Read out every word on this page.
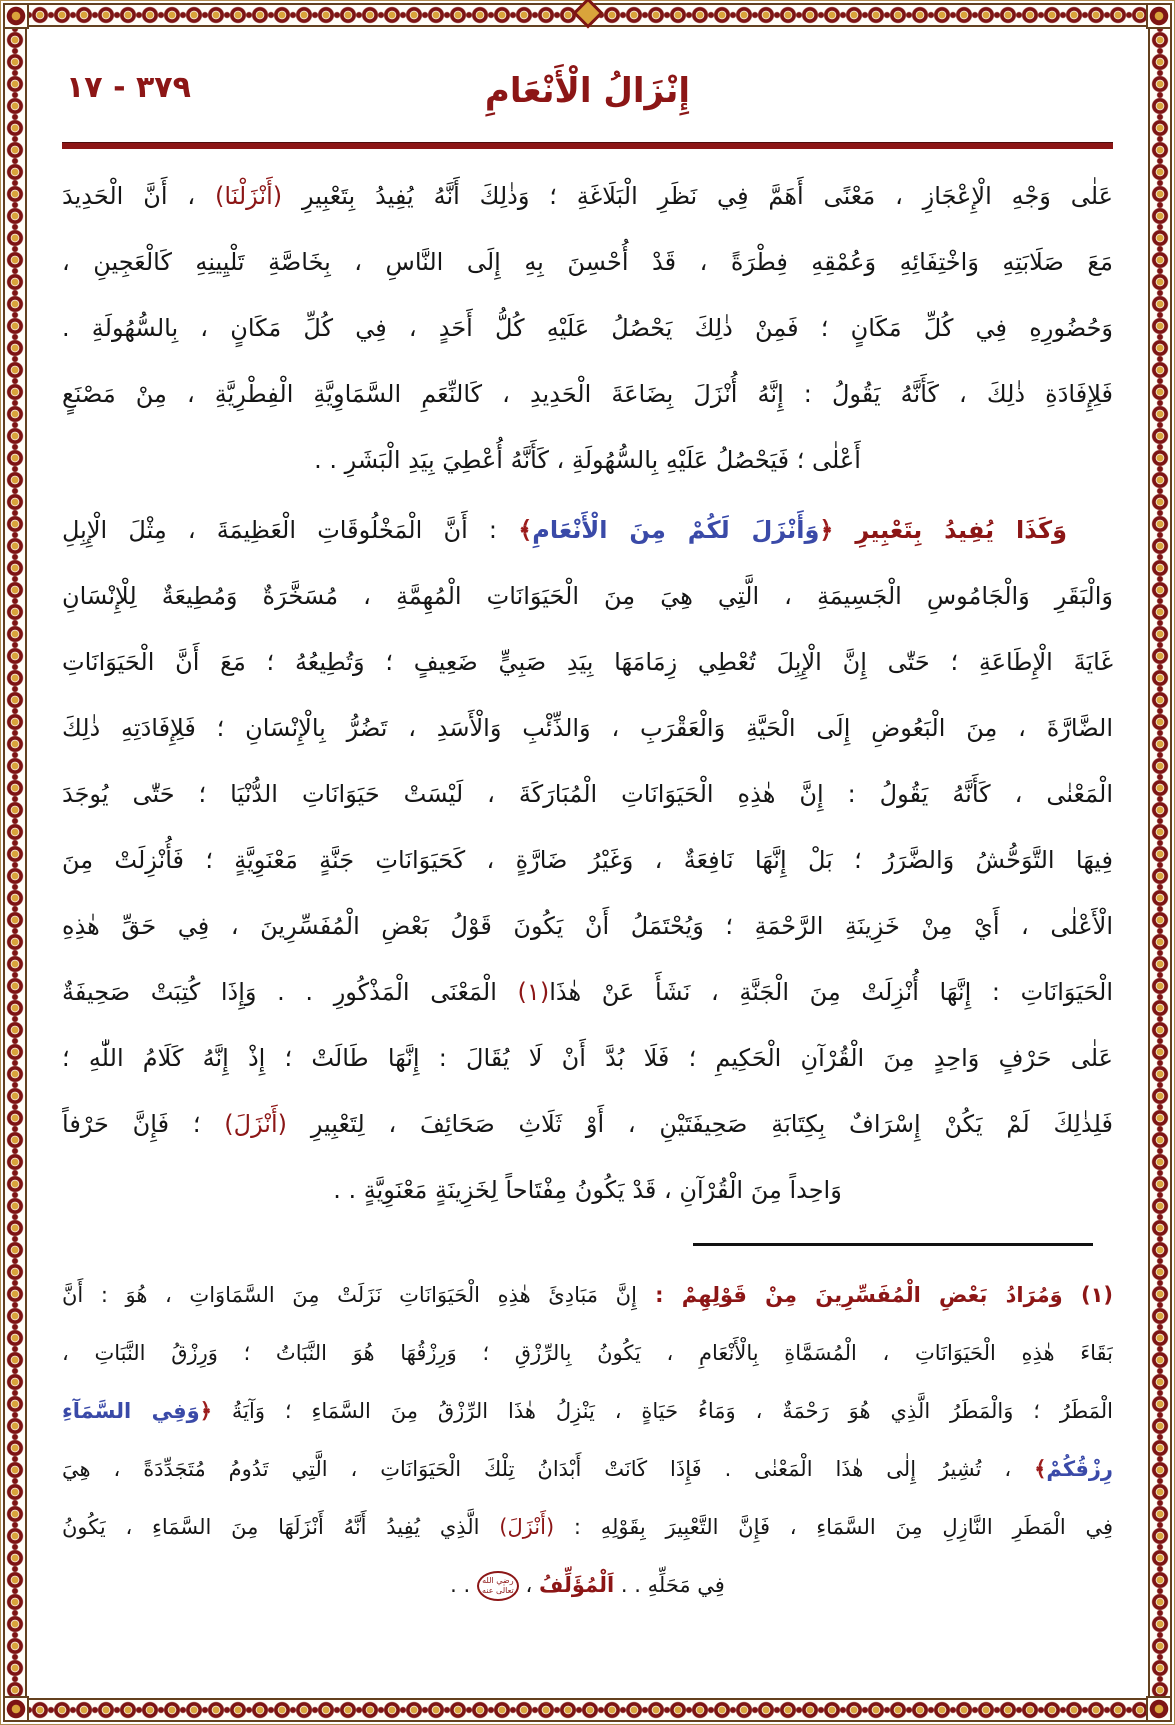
٣٧٩ - ١٧	إِنْزَالُ الْأَنْعَامِ
عَلٰى وَجْهِ الْإِعْجَازِ ، مَعْنًى أَهَمَّ فِي نَظَرِ الْبَلَاغَةِ ؛ وَذٰلِكَ أَنَّهُ يُفِيدُ بِتَعْبِيرِ (أَنْزَلْنَا) ، أَنَّ الْحَدِيدَ
مَعَ صَلَابَتِهِ وَاخْتِفَائِهِ وَعُمْقِهِ فِطْرَةً ، قَدْ أُحْسِنَ بِهِ إِلَى النَّاسِ ، بِخَاصَّةِ تَلْيِينِهِ كَالْعَجِينِ ،
وَحُضُورِهِ فِي كُلِّ مَكَانٍ ؛ فَمِنْ ذٰلِكَ يَحْصُلُ عَلَيْهِ كُلُّ أَحَدٍ ، فِي كُلِّ مَكَانٍ ، بِالسُّهُولَةِ .
فَلِإِفَادَةِ ذٰلِكَ ، كَأَنَّهُ يَقُولُ : إِنَّهُ أُنْزَلَ بِضَاعَةَ الْحَدِيدِ ، كَالنِّعَمِ السَّمَاوِيَّةِ الْفِطْرِيَّةِ ، مِنْ مَصْنَعٍ
أَعْلٰى ؛ فَيَحْصُلُ عَلَيْهِ بِالسُّهُولَةِ ، كَأَنَّهُ أُعْطِيَ بِيَدِ الْبَشَرِ . .
وَكَذَا يُفِيدُ بِتَعْبِيرِ ﴿وَأَنْزَلَ لَكُمْ مِنَ الْأَنْعَامِ﴾ : أَنَّ الْمَخْلُوقَاتِ الْعَظِيمَةَ ، مِثْلَ الْإِبِلِ
وَالْبَقَرِ وَالْجَامُوسِ الْجَسِيمَةِ ، الَّتِي هِيَ مِنَ الْحَيَوَانَاتِ الْمُهِمَّةِ ، مُسَخَّرَةٌ وَمُطِيعَةٌ لِلْإِنْسَانِ
غَايَةَ الْإِطَاعَةِ ؛ حَتّٰى إِنَّ الْإِبِلَ تُعْطِي زِمَامَهَا بِيَدِ صَبِيٍّ ضَعِيفٍ ؛ وَتُطِيعُهُ ؛ مَعَ أَنَّ الْحَيَوَانَاتِ
الضَّارَّةَ ، مِنَ الْبَعُوضِ إِلَى الْحَيَّةِ وَالْعَقْرَبِ ، وَالذِّئْبِ وَالْأَسَدِ ، تَضُرُّ بِالْإِنْسَانِ ؛ فَلِإِفَادَتِهِ ذٰلِكَ
الْمَعْنٰى ، كَأَنَّهُ يَقُولُ : إِنَّ هٰذِهِ الْحَيَوَانَاتِ الْمُبَارَكَةَ ، لَيْسَتْ حَيَوَانَاتِ الدُّنْيَا ؛ حَتّٰى يُوجَدَ
فِيهَا التَّوَحُّشُ وَالضَّرَرُ ؛ بَلْ إِنَّهَا نَافِعَةٌ ، وَغَيْرُ ضَارَّةٍ ، كَحَيَوَانَاتِ جَنَّةٍ مَعْنَوِيَّةٍ ؛ فَأُنْزِلَتْ مِنَ
الْأَعْلٰى ، أَيْ مِنْ خَزِينَةِ الرَّحْمَةِ ؛ وَيُحْتَمَلُ أَنْ يَكُونَ قَوْلُ بَعْضِ الْمُفَسِّرِينَ ، فِي حَقِّ هٰذِهِ
الْحَيَوَانَاتِ : إِنَّهَا أُنْزِلَتْ مِنَ الْجَنَّةِ ، نَشَأَ عَنْ هٰذَا(١) الْمَعْنَى الْمَذْكُورِ . . وَإِذَا كُتِبَتْ صَحِيفَةٌ
عَلٰى حَرْفٍ وَاحِدٍ مِنَ الْقُرْآنِ الْحَكِيمِ ؛ فَلَا بُدَّ أَنْ لَا يُقَالَ : إِنَّهَا طَالَتْ ؛ إِذْ إِنَّهُ كَلَامُ اللّٰهِ ؛
فَلِذٰلِكَ لَمْ يَكُنْ إِسْرَافٌ بِكِتَابَةِ صَحِيفَتَيْنِ ، أَوْ ثَلَاثِ صَحَائِفَ ، لِتَعْبِيرِ (أَنْزَلَ) ؛ فَإِنَّ حَرْفاً
وَاحِداً مِنَ الْقُرْآنِ ، قَدْ يَكُونُ مِفْتَاحاً لِخَزِينَةٍ مَعْنَوِيَّةٍ . .
(١) وَمُرَادُ بَعْضِ الْمُفَسِّرِينَ مِنْ قَوْلِهِمْ : إِنَّ مَبَادِئَ هٰذِهِ الْحَيَوَانَاتِ نَزَلَتْ مِنَ السَّمَاوَاتِ ، هُوَ : أَنَّ
بَقَاءَ هٰذِهِ الْحَيَوَانَاتِ ، الْمُسَمَّاةِ بِالْأَنْعَامِ ، يَكُونُ بِالرِّزْقِ ؛ وَرِزْقُهَا هُوَ النَّبَاتُ ؛ وَرِزْقُ النَّبَاتِ ،
الْمَطَرُ ؛ وَالْمَطَرُ الَّذِي هُوَ رَحْمَةٌ ، وَمَاءُ حَيَاةٍ ، يَنْزِلُ هٰذَا الرِّزْقُ مِنَ السَّمَاءِ ؛ وَآيَةُ ﴿وَفِي السَّمَآءِ
رِزْقُكُمْ﴾ ، تُشِيرُ إِلٰى هٰذَا الْمَعْنٰى . فَإِذَا كَانَتْ أَبْدَانُ تِلْكَ الْحَيَوَانَاتِ ، الَّتِي تَدُومُ مُتَجَدِّدَةً ، هِيَ
فِي الْمَطَرِ النَّازِلِ مِنَ السَّمَاءِ ، فَإِنَّ التَّعْبِيرَ بِقَوْلِهِ : (أَنْزَلَ) الَّذِي يُفِيدُ أَنَّهُ أَنْزَلَهَا مِنَ السَّمَاءِ ، يَكُونُ
فِي مَحَلِّهِ . . اَلْمُؤَلِّفُ ، رضي الله تعالٰى عنه . .
